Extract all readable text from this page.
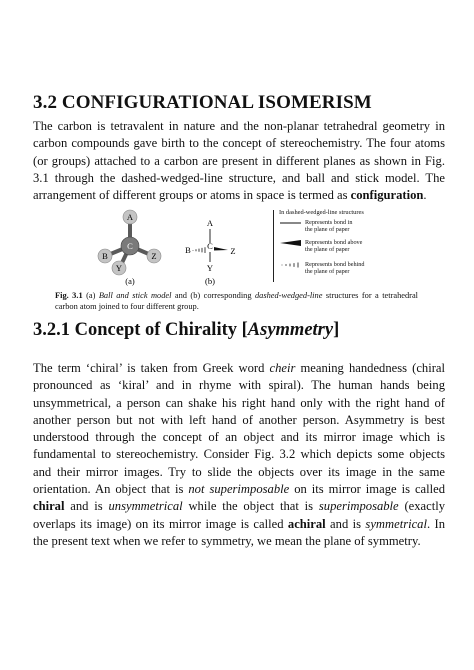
3.2 CONFIGURATIONAL ISOMERISM

The carbon is tetravalent in nature and the non-planar tetrahedral geometry in carbon compounds gave birth to the concept of stereochemistry. The four atoms (or groups) attached to a carbon are present in different planes as shown in Fig. 3.1 through the dashed-wedged-line structure, and ball and stick model. The arrangement of different groups or atoms in space is termed as configuration.

A
B
C
Z
Y
(a)
A
B C Z
Y
(b)
In dashed-wedged-line structures
Represents bond in
the plane of paper
Represents bond above
the plane of paper
Represents bond behind
the plane of paper
Fig. 3.1 (a) Ball and stick model and (b) corresponding dashed-wedged-line structures for a tetrahedral carbon atom joined to four different group.
3.2.1 Concept of Chirality [Asymmetry]

The term ‘chiral’ is taken from Greek word cheir meaning handedness (chiral pronounced as ‘kiral’ and in rhyme with spiral). The human hands being unsymmetrical, a person can shake his right hand only with the right hand of another person but not with left hand of another person. Asymmetry is best understood through the concept of an object and its mirror image which is fundamental to stereochemistry. Consider Fig. 3.2 which depicts some objects and their mirror images. Try to slide the objects over its image in the same orientation. An object that is not superimposable on its mirror image is called chiral and is unsymmetrical while the object that is superimposable (exactly overlaps its image) on its mirror image is called achiral and is symmetrical. In the present text when we refer to symmetry, we mean the plane of symmetry.
